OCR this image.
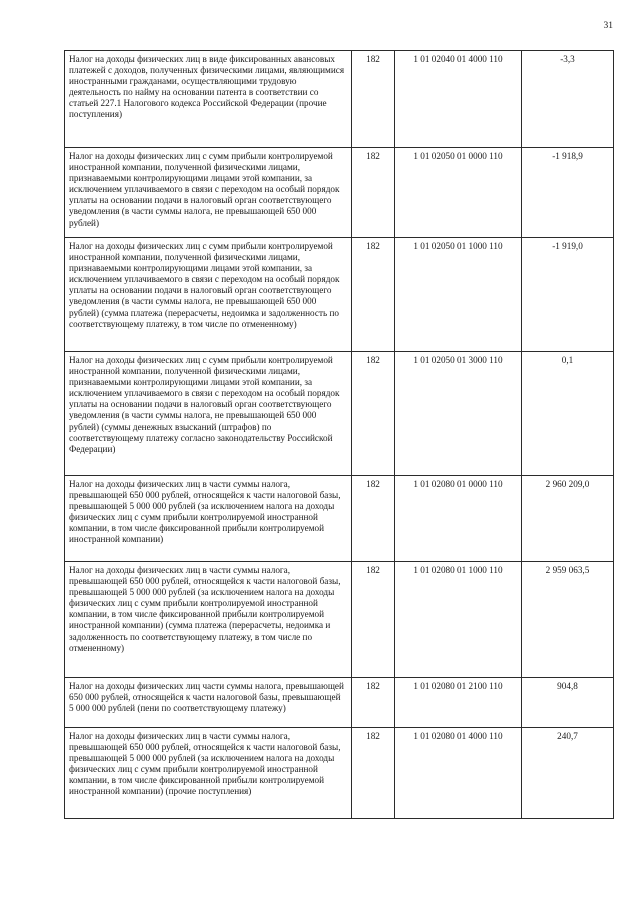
31
Налог на доходы физических лиц в виде фиксированных авансовых платежей с доходов, полученных физическими лицами, являющимися иностранными гражданами, осуществляющими трудовую деятельность по найму на основании патента в соответствии со статьей 227.1 Налогового кодекса Российской Федерации (прочие поступления)	182	1 01 02040 01 4000 110	-3,3
Налог на доходы физических лиц с сумм прибыли контролируемой иностранной компании, полученной физическими лицами, признаваемыми контролирующими лицами этой компании, за исключением уплачиваемого в связи с переходом на особый порядок уплаты на основании подачи в налоговый орган соответствующего уведомления (в части суммы налога, не превышающей 650 000 рублей)	182	1 01 02050 01 0000 110	-1 918,9
Налог на доходы физических лиц с сумм прибыли контролируемой иностранной компании, полученной физическими лицами, признаваемыми контролирующими лицами этой компании, за исключением уплачиваемого в связи с переходом на особый порядок уплаты на основании подачи в налоговый орган соответствующего уведомления (в части суммы налога, не превышающей 650 000 рублей) (сумма платежа (перерасчеты, недоимка и задолженность по соответствующему платежу, в том числе по отмененному)	182	1 01 02050 01 1000 110	-1 919,0
Налог на доходы физических лиц с сумм прибыли контролируемой иностранной компании, полученной физическими лицами, признаваемыми контролирующими лицами этой компании, за исключением уплачиваемого в связи с переходом на особый порядок уплаты на основании подачи в налоговый орган соответствующего уведомления (в части суммы налога, не превышающей 650 000 рублей) (суммы денежных взысканий (штрафов) по соответствующему платежу согласно законодательству Российской Федерации)	182	1 01 02050 01 3000 110	0,1
Налог на доходы физических лиц в части суммы налога, превышающей 650 000 рублей, относящейся к части налоговой базы, превышающей 5 000 000 рублей (за исключением налога на доходы физических лиц с сумм прибыли контролируемой иностранной компании, в том числе фиксированной прибыли контролируемой иностранной компании)	182	1 01 02080 01 0000 110	2 960 209,0
Налог на доходы физических лиц в части суммы налога, превышающей 650 000 рублей, относящейся к части налоговой базы, превышающей 5 000 000 рублей (за исключением налога на доходы физических лиц с сумм прибыли контролируемой иностранной компании, в том числе фиксированной прибыли контролируемой иностранной компании) (сумма платежа (перерасчеты, недоимка и задолженность по соответствующему платежу, в том числе по отмененному)	182	1 01 02080 01 1000 110	2 959 063,5
Налог на доходы физических лиц части суммы налога, превышающей 650 000 рублей, относящейся к части налоговой базы, превышающей 5 000 000 рублей (пени по соответствующему платежу)	182	1 01 02080 01 2100 110	904,8
Налог на доходы физических лиц в части суммы налога, превышающей 650 000 рублей, относящейся к части налоговой базы, превышающей 5 000 000 рублей (за исключением налога на доходы физических лиц с сумм прибыли контролируемой иностранной компании, в том числе фиксированной прибыли контролируемой иностранной компании) (прочие поступления)	182	1 01 02080 01 4000 110	240,7
